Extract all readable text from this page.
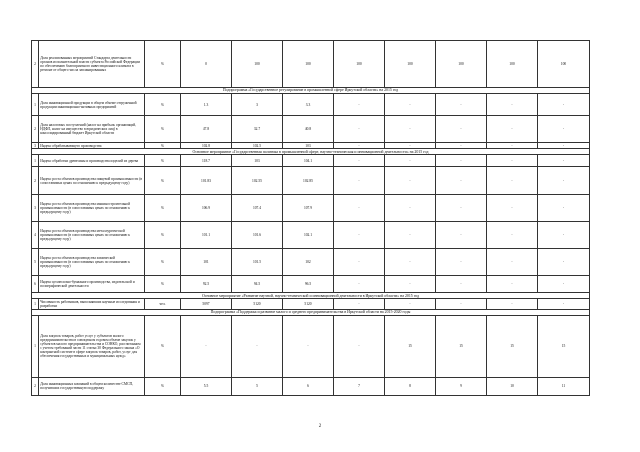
2	Доля реализованных мероприятий Стандарта деятельности органов исполнительной власти субъекта Российской Федерации по обеспечению благоприятного инвестиционного климата в регионе от общего числа запланированных	%	0	100	100	100	100	100	100	100
Подпрограмма «Государственное регулирование в промышленной сфере Иркутской области» на 2015 год										
1	Доля инновационной продукции в общем объеме отгруженной продукции инновационно-активных предприятий	%	1.3	3	3.3	-	-	-	-	-
2	Доля налоговых поступлений (налог на прибыль организаций, НДФЛ, налог на имущество в юридических лиц) в консолидированный бюджет Иркутской области	%	47.8	32.7	40.8	-	-	-	-	-
3	Индекс обрабатывающего производства	%	102.8	102.5	103	-	-	-	-	-
Основное мероприятие «Государственная политика в промышленной сфере, научно-техническая и инновационной деятельности» на 2015 год										
1	Индекс обработки древесины и производства изделий из дерева	%	118.7	103	104.1	-	-	-	-	-
2	Индекс роста объемов производства пищевой промышленности (в сопоставимых ценах по отношению к предыдущему году)	%	101.83	102.55	102.85	-	-	-	-	-
3	Индекс роста объемов производства машиностроительной промышленности (в сопоставимых ценах по отношению к предыдущему году)	%	106.9	107.4	107.9	-	-	-	-	-
4	Индекс роста объемов производства металлургической промышленности (в сопоставимых ценах по отношению к предыдущему году)	%	101.1	101.6	102.1	-	-	-	-	-
5	Индекс роста объемов производства химической промышленности (в сопоставимых ценах по отношению к предыдущему году)	%	101	101.5	102	-	-	-	-	-
6	Индекс целлюлозно-бумажного производства, издательской и полиграфической деятельности	%	92.5	94.5	96.5	-	-	-	-	-
Основное мероприятие «Развитие научной, научно-технической и инновационной деятельности в Иркутской области» на 2015 год										
1	Численность работников, выполнявших научные исследования и разработки	чел.	5097	5120	5120	-	-	-	-	-
Подпрограмма «Поддержка и развитие малого и среднего предпринимательства в Иркутской области на 2015-2020 годы										
1	Доля закупок товаров, работ услуг у субъектов малого предпринимательства в совокупном годовом объеме закупок у субъектов малого предпринимательства и СОНКО, рассчитанном с учетом требований части 11 статьи 30 Федерального закона «О контрактной системе в сфере закупок товаров, работ, услуг для обеспечения государственных и муниципальных нужд»	%	-	-	-	-	15	15	15	15
2	Доля инновационных компаний в общем количестве СМСП, получивших государственную поддержку	%	5.5	5	6	7	8	9	10	11
2
